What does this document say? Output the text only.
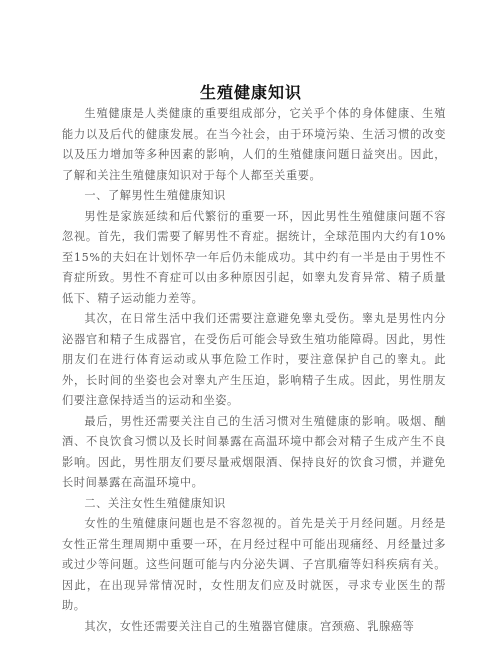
生殖健康知识

生殖健康是人类健康的重要组成部分，它关乎个体的身体健康、生殖能力以及后代的健康发展。在当今社会，由于环境污染、生活习惯的改变以及压力增加等多种因素的影响，人们的生殖健康问题日益突出。因此，了解和关注生殖健康知识对于每个人都至关重要。

一、了解男性生殖健康知识

男性是家族延续和后代繁衍的重要一环，因此男性生殖健康问题不容忽视。首先，我们需要了解男性不育症。据统计，全球范围内大约有10%至15%的夫妇在计划怀孕一年后仍未能成功。其中约有一半是由于男性不育症所致。男性不育症可以由多种原因引起，如睾丸发育异常、精子质量低下、精子运动能力差等。

其次，在日常生活中我们还需要注意避免睾丸受伤。睾丸是男性内分泌器官和精子生成器官，在受伤后可能会导致生殖功能障碍。因此，男性朋友们在进行体育运动或从事危险工作时，要注意保护自己的睾丸。此外，长时间的坐姿也会对睾丸产生压迫，影响精子生成。因此，男性朋友们要注意保持适当的运动和坐姿。

最后，男性还需要关注自己的生活习惯对生殖健康的影响。吸烟、酗酒、不良饮食习惯以及长时间暴露在高温环境中都会对精子生成产生不良影响。因此，男性朋友们要尽量戒烟限酒、保持良好的饮食习惯，并避免长时间暴露在高温环境中。

二、关注女性生殖健康知识

女性的生殖健康问题也是不容忽视的。首先是关于月经问题。月经是女性正常生理周期中重要一环，在月经过程中可能出现痛经、月经量过多或过少等问题。这些问题可能与内分泌失调、子宫肌瘤等妇科疾病有关。因此，在出现异常情况时，女性朋友们应及时就医，寻求专业医生的帮助。

其次，女性还需要关注自己的生殖器官健康。宫颈癌、乳腺癌等
